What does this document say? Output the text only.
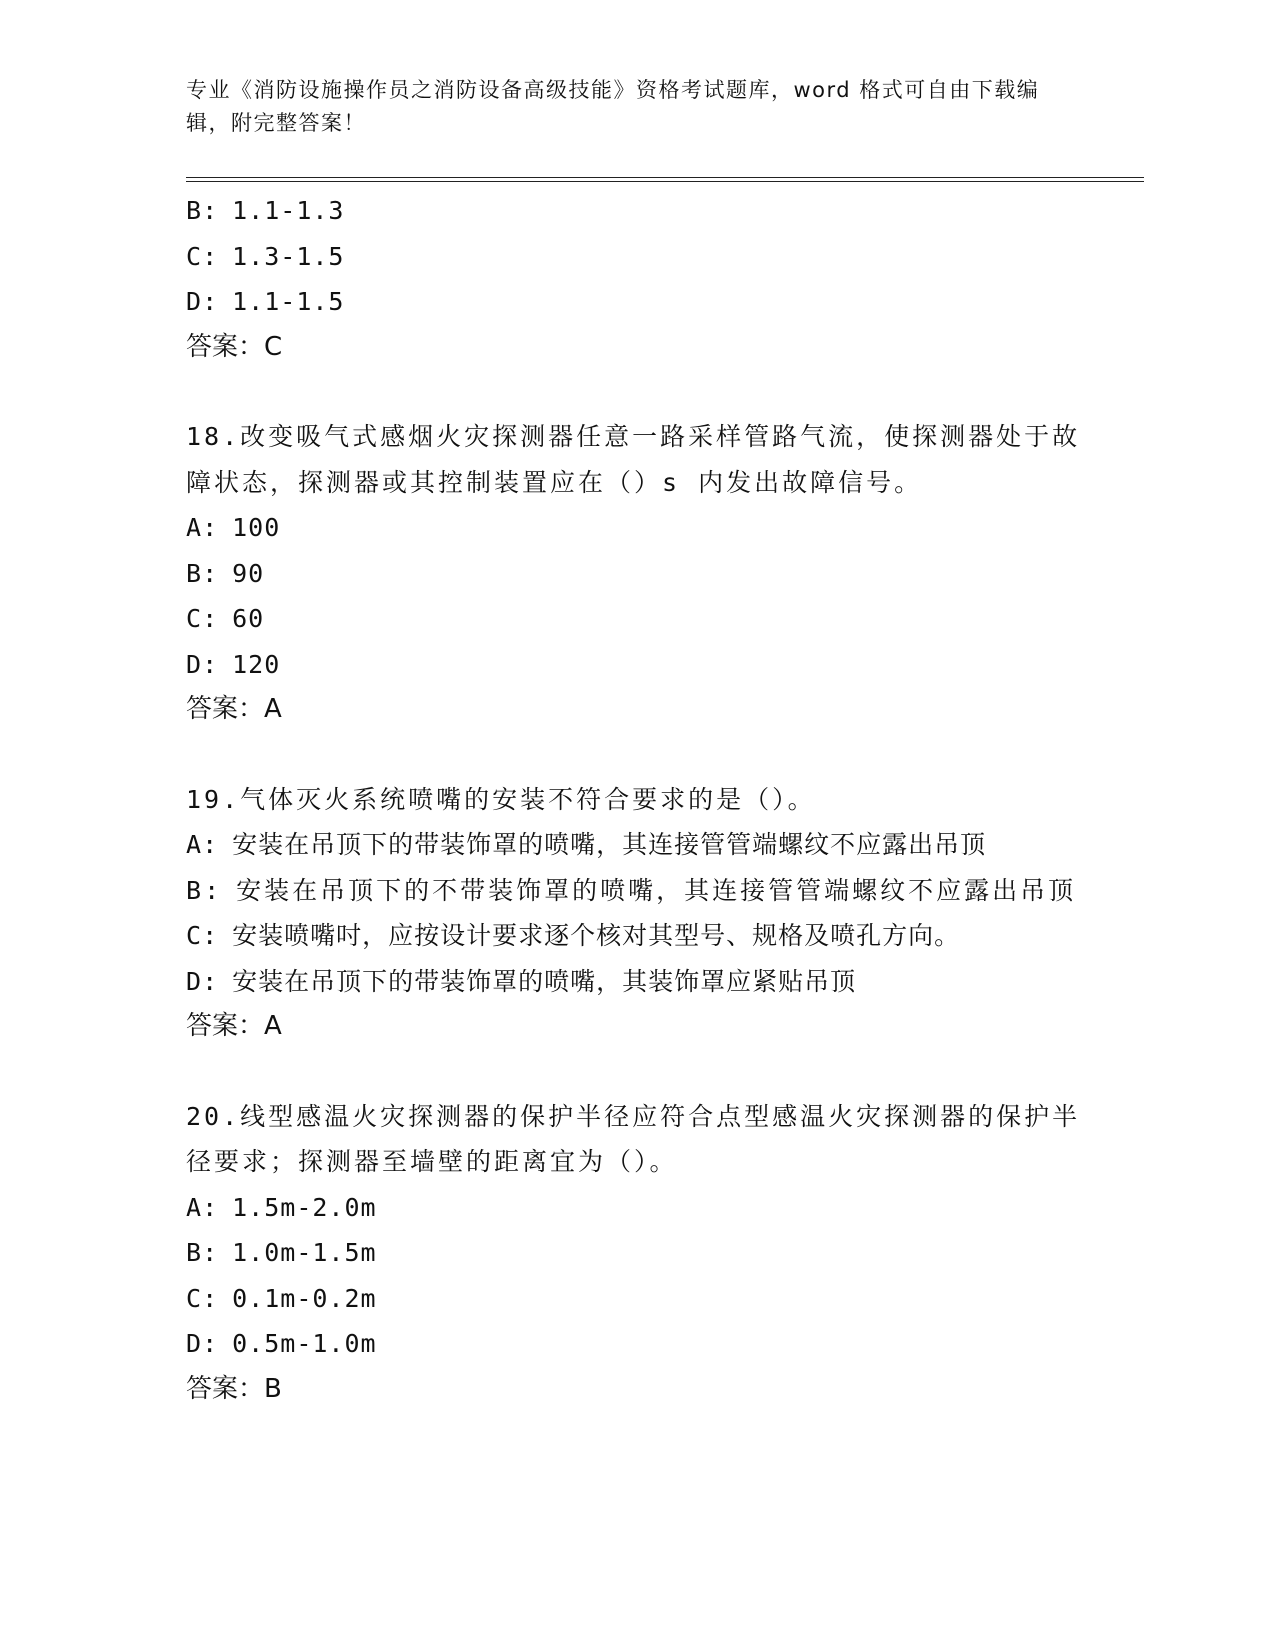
专业《消防设施操作员之消防设备高级技能》资格考试题库，word 格式可自由下载编辑，附完整答案！
B: 1.1-1.3
C: 1.3-1.5
D: 1.1-1.5
答案：C
18.改变吸气式感烟火灾探测器任意一路采样管路气流，使探测器处于故障状态，探测器或其控制装置应在（）s 内发出故障信号。
A: 100
B: 90
C: 60
D: 120
答案：A
19.气体灭火系统喷嘴的安装不符合要求的是（）。
A: 安装在吊顶下的带装饰罩的喷嘴，其连接管管端螺纹不应露出吊顶
B: 安装在吊顶下的不带装饰罩的喷嘴，其连接管管端螺纹不应露出吊顶
C: 安装喷嘴吋，应按设计要求逐个核对其型号、规格及喷孔方向。
D: 安装在吊顶下的带装饰罩的喷嘴，其装饰罩应紧贴吊顶
答案：A
20.线型感温火灾探测器的保护半径应符合点型感温火灾探测器的保护半径要求；探测器至墙壁的距离宜为（）。
A: 1.5m-2.0m
B: 1.0m-1.5m
C: 0.1m-0.2m
D: 0.5m-1.0m
答案：B
